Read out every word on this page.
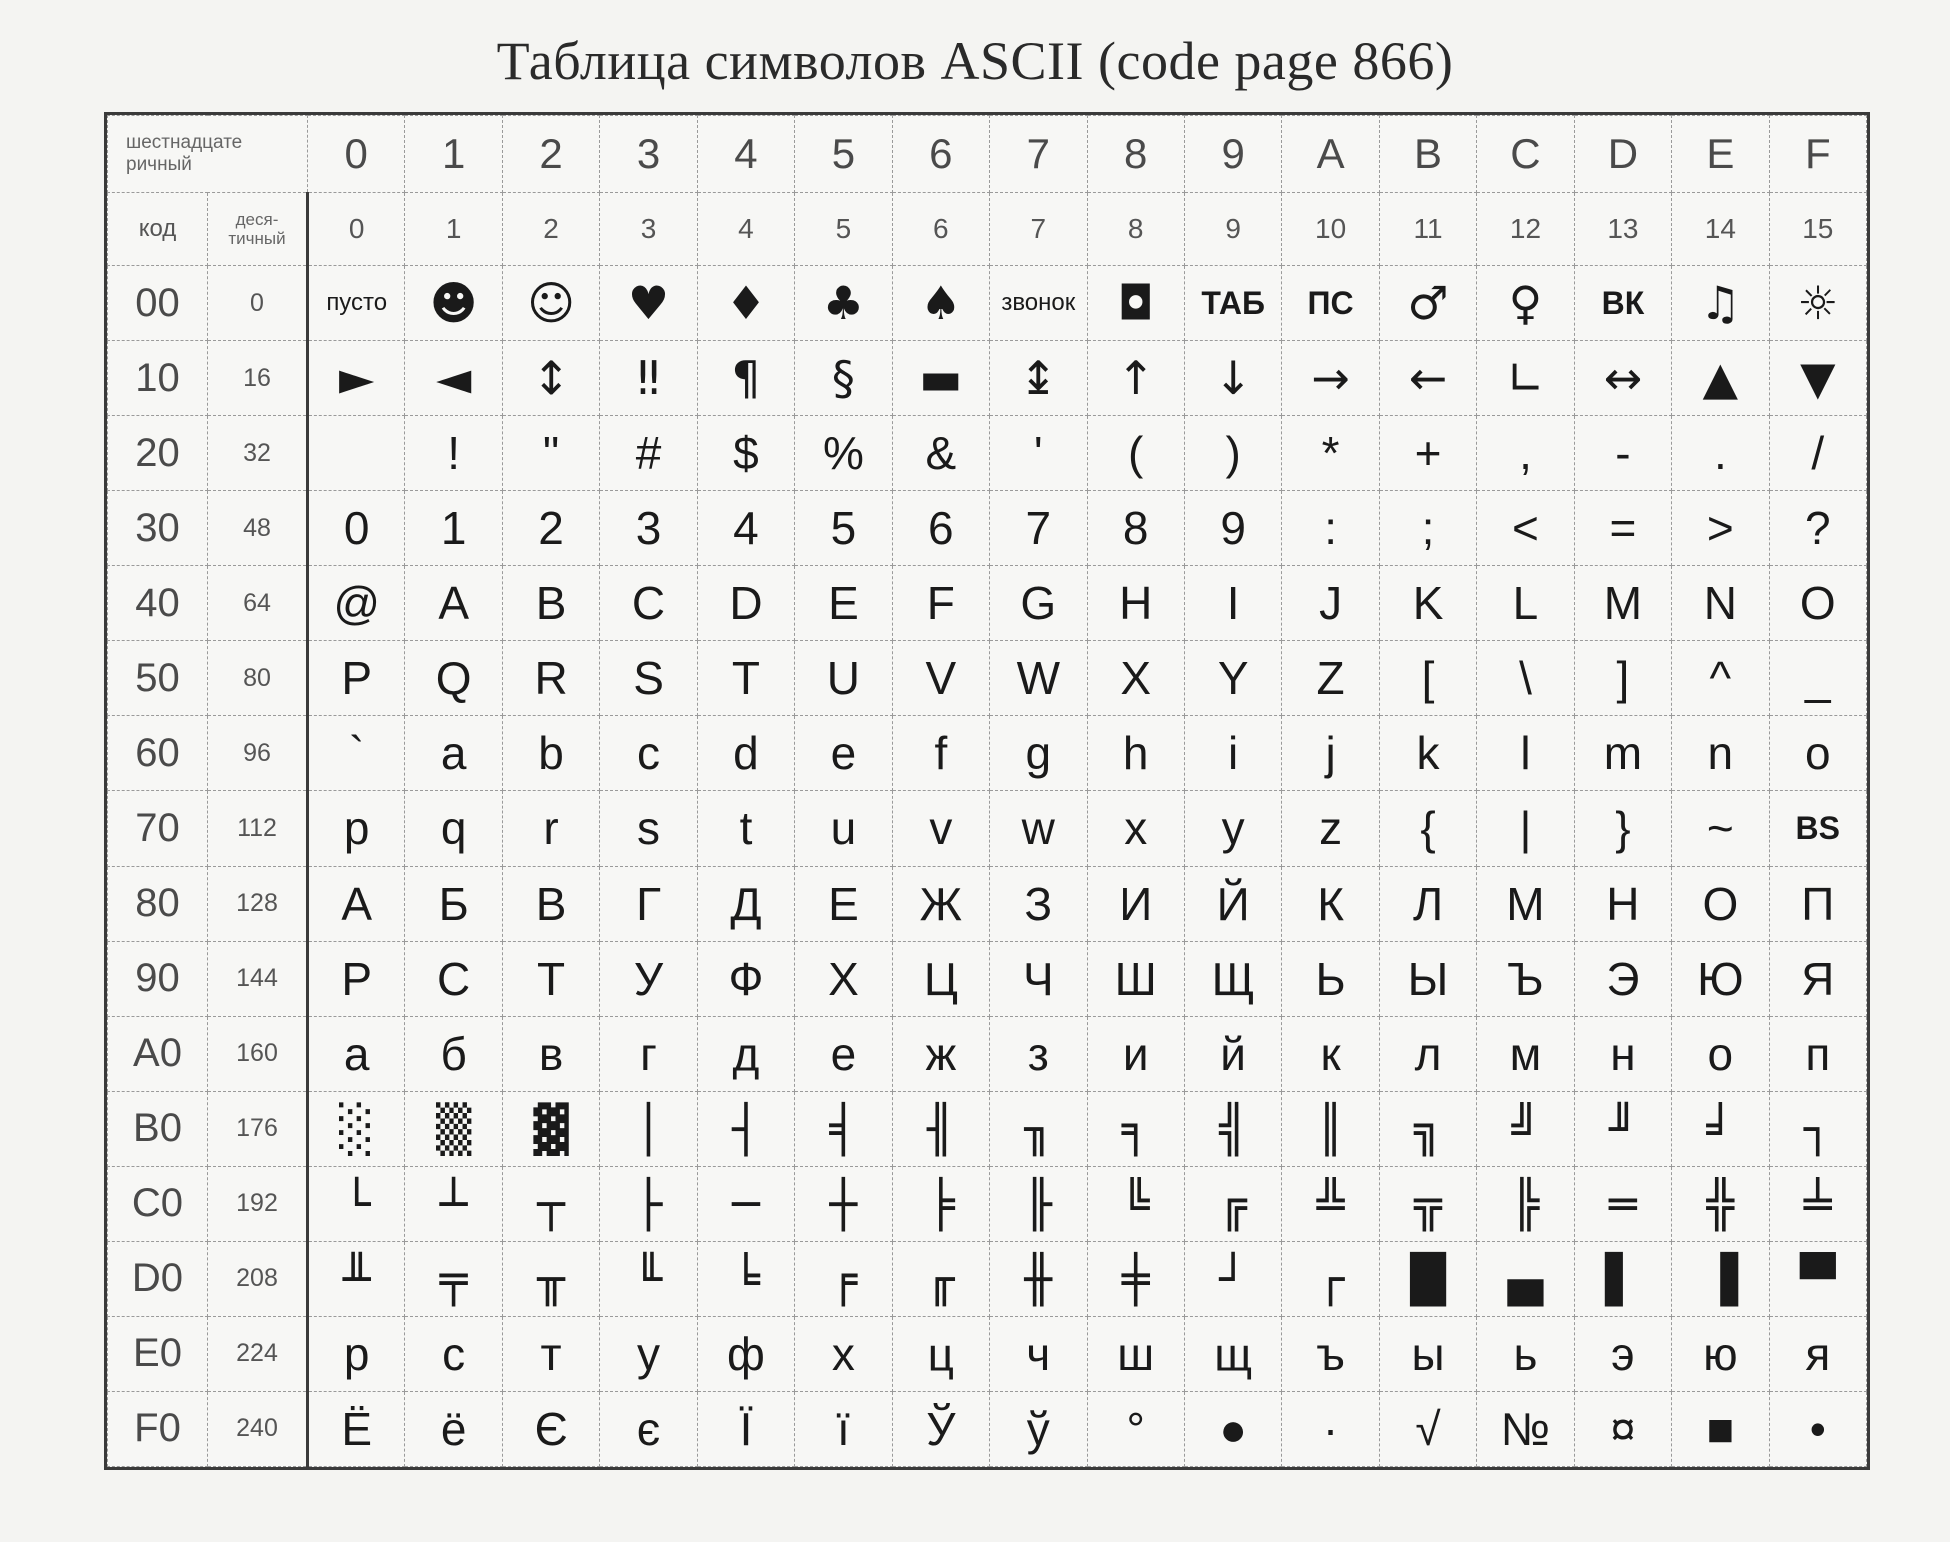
Таблица символов ASCII (code page 866)
шестнадцате ричный		0	1	2	3	4	5	6	7	8	9	A	B	C	D	E	F
код	деся- тичный	0	1	2	3	4	5	6	7	8	9	10	11	12	13	14	15
00	0	пусто	☻	☺	♥	♦	♣	♠	звонок	◘	ТАБ	ПС	♂	♀	ВК	♫	☼
10	16	►	◄	↕	‼	¶	§	▬	↨	↑	↓	→	←	∟	↔	▲	▼
20	32		!	"	#	$	%	&	'	(	)	*	+	,	-	.	/
30	48	0	1	2	3	4	5	6	7	8	9	:	;	<	=	>	?
40	64	@	A	B	C	D	E	F	G	H	I	J	K	L	M	N	O
50	80	P	Q	R	S	T	U	V	W	X	Y	Z	[	\	]	^	_
60	96	`	a	b	c	d	e	f	g	h	i	j	k	l	m	n	o
70	112	p	q	r	s	t	u	v	w	x	y	z	{	|	}	~	BS
80	128	А	Б	В	Г	Д	Е	Ж	З	И	Й	К	Л	М	Н	О	П
90	144	Р	С	Т	У	Ф	Х	Ц	Ч	Ш	Щ	Ь	Ы	Ъ	Э	Ю	Я
A0	160	а	б	в	г	д	е	ж	з	и	й	к	л	м	н	о	п
B0	176	░	▒	▓	│	┤	╡	╢	╖	╕	╣	║	╗	╝	╜	╛	┐
C0	192	└	┴	┬	├	─	┼	╞	╟	╚	╔	╩	╦	╠	═	╬	╧
D0	208	╨	╤	╥	╙	╘	╒	╓	╫	╪	┘	┌	█	▄	▌	▐	▀
E0	224	р	с	т	у	ф	х	ц	ч	ш	щ	ъ	ы	ь	э	ю	я
F0	240	Ё	ё	Є	є	Ї	ї	Ў	ў	°	●	·	√	№	¤	■	•
